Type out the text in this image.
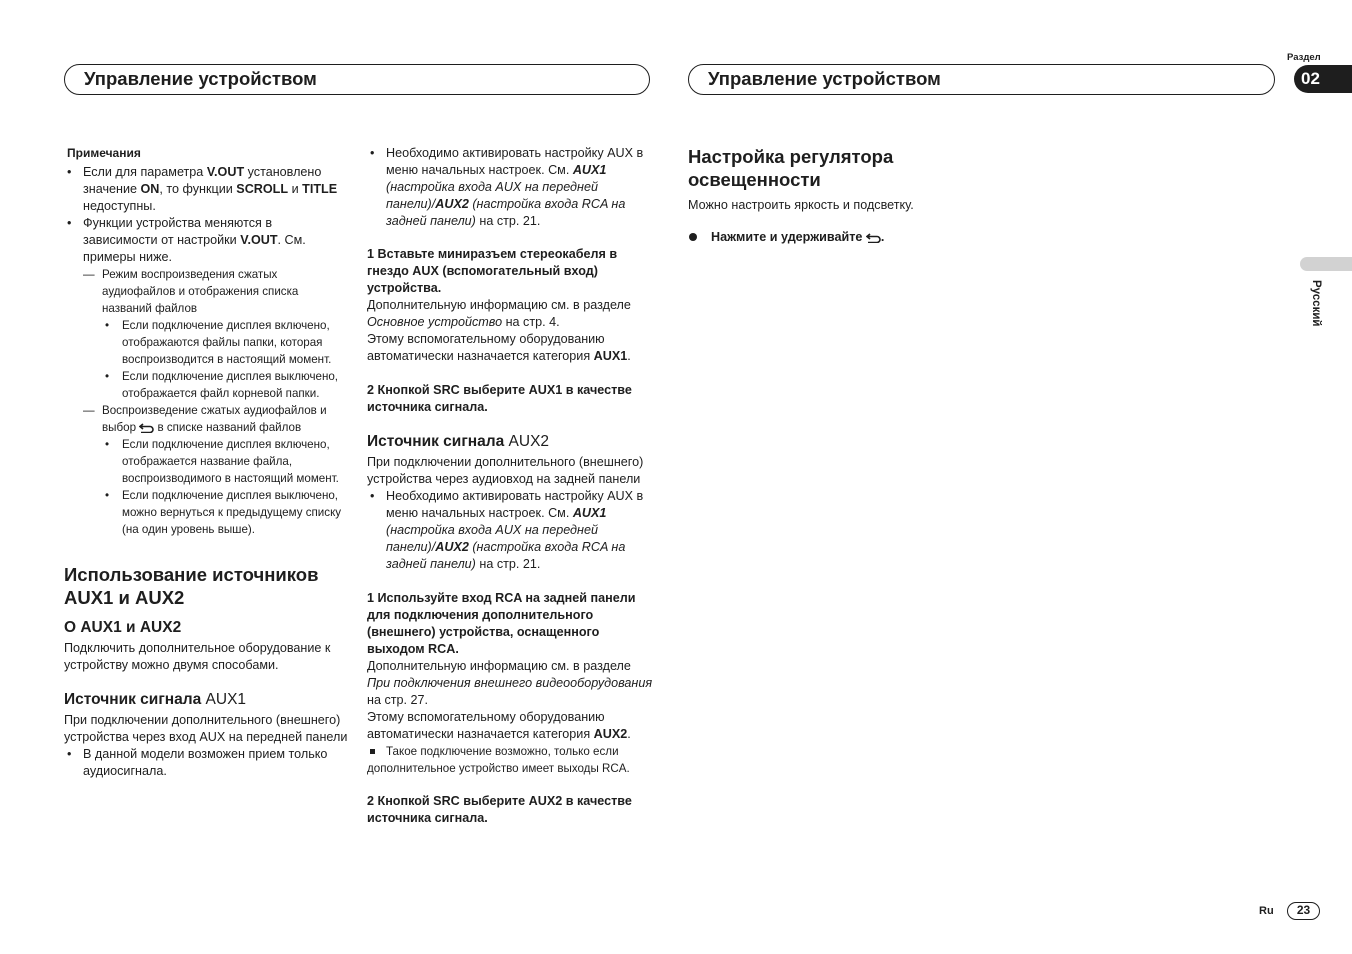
Управление устройством	Управление устройством
Раздел
02
Русский

Примечания

• Если для параметра V.OUT установлено значение ON, то функции SCROLL и TITLE недоступны.

• Функции устройства меняются в зависимости от настройки V.OUT. См. примеры ниже.

— Режим воспроизведения сжатых аудиофайлов и отображения списка названий файлов

• Если подключение дисплея включено, отображаются файлы папки, которая воспроизводится в настоящий момент.

• Если подключение дисплея выключено, отображается файл корневой папки.

— Воспроизведение сжатых аудиофайлов и выбор  в списке названий файлов

• Если подключение дисплея включено, отображается название файла, воспроизводимого в настоящий момент.

• Если подключение дисплея выключено, можно вернуться к предыдущему списку (на один уровень выше).

Использование источников AUX1 и AUX2

О AUX1 и AUX2

Подключить дополнительное оборудование к устройству можно двумя способами.

Источник сигнала AUX1

При подключении дополнительного (внешнего) устройства через вход AUX на передней панели

• В данной модели возможен прием только аудиосигнала.

• Необходимо активировать настройку AUX в меню начальных настроек. См. AUX1 (настройка входа AUX на передней панели)/AUX2 (настройка входа RCA на задней панели) на стр. 21.

1 Вставьте миниразъем стереокабеля в гнездо AUX (вспомогательный вход) устройства.

Дополнительную информацию см. в разделе Основное устройство на стр. 4.
Этому вспомогательному оборудованию автоматически назначается категория AUX1.

2 Кнопкой SRC выберите AUX1 в качестве источника сигнала.

Источник сигнала AUX2

При подключении дополнительного (внешнего) устройства через аудиовход на задней панели

• Необходимо активировать настройку AUX в меню начальных настроек. См. AUX1 (настройка входа AUX на передней панели)/AUX2 (настройка входа RCA на задней панели) на стр. 21.

1 Используйте вход RCA на задней панели для подключения дополнительного (внешнего) устройства, оснащенного выходом RCA.

Дополнительную информацию см. в разделе При подключения внешнего видеооборудования на стр. 27.
Этому вспомогательному оборудованию автоматически назначается категория AUX2.

Такое подключение возможно, только если дополнительное устройство имеет выходы RCA.

2 Кнопкой SRC выберите AUX2 в качестве источника сигнала.

Настройка регулятора освещенности

Можно настроить яркость и подсветку.

Нажмите и удерживайте .

Ru	23
